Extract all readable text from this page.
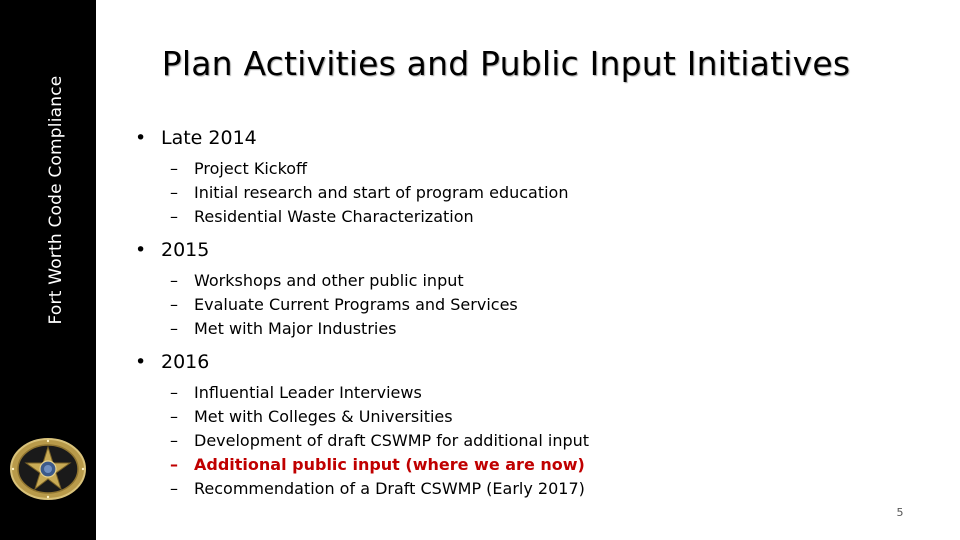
Fort Worth Code Compliance
Plan Activities and Public Input Initiatives
• Late 2014
– Project Kickoff
– Initial research and start of program education
– Residential Waste Characterization
• 2015
– Workshops and other public input
– Evaluate Current Programs and Services
– Met with Major Industries
• 2016
– Influential Leader Interviews
– Met with Colleges & Universities
– Development of draft CSWMP for additional input
– Additional public input (where we are now)
– Recommendation of a Draft CSWMP (Early 2017)
5
